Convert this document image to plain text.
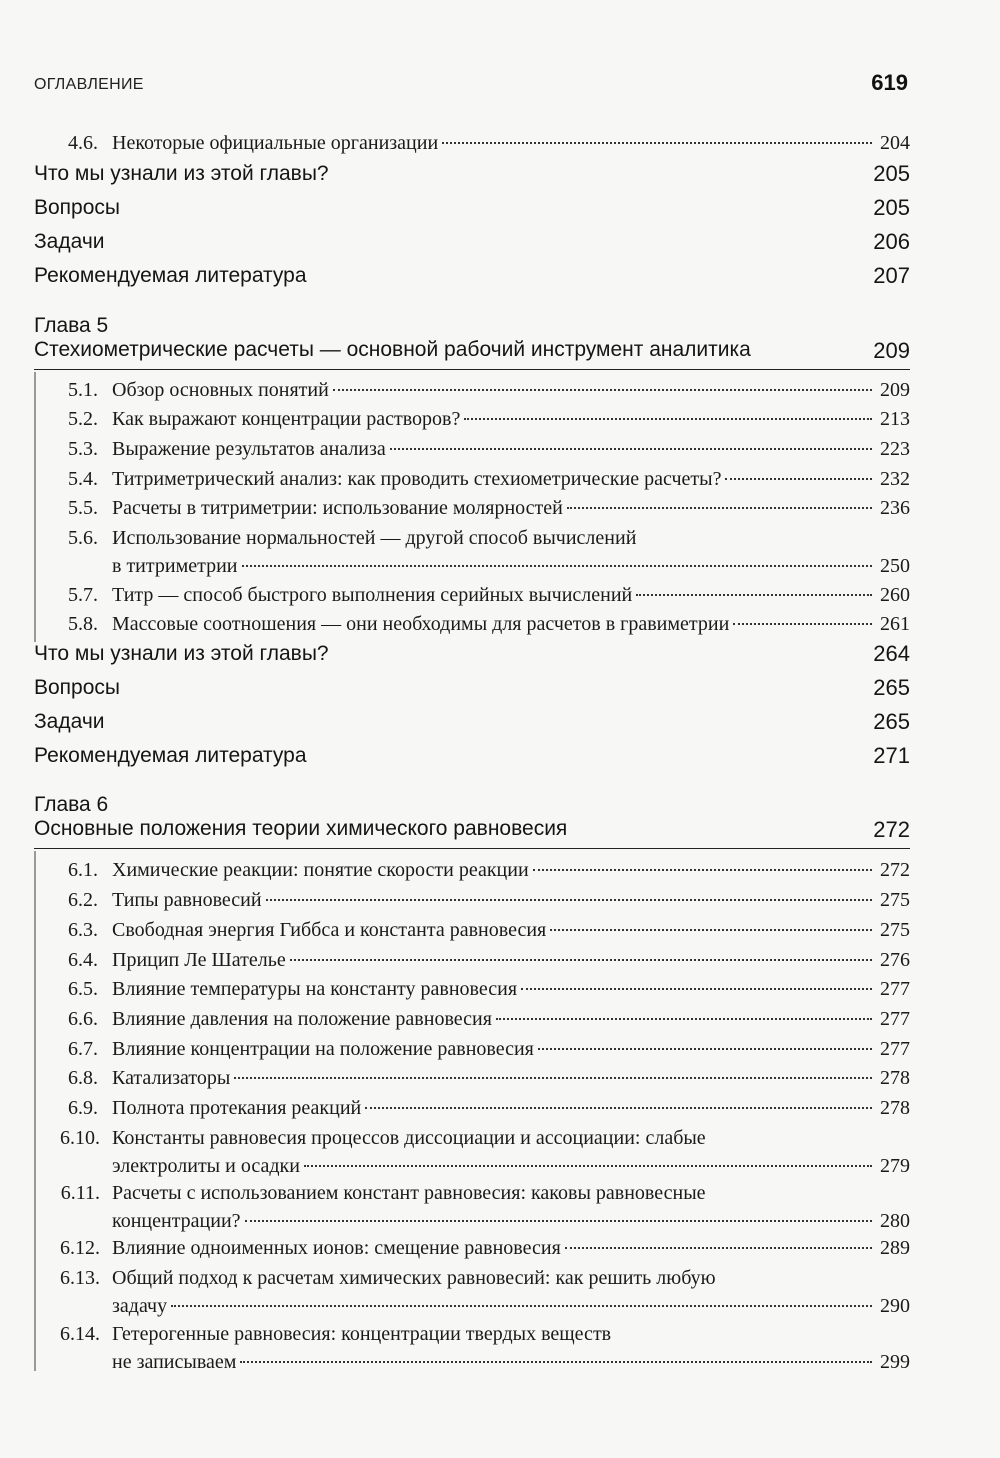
ОГЛАВЛЕНИЕ	619
4.6. Некоторые официальные организации	204
Что мы узнали из этой главы?	205
Вопросы	205
Задачи	206
Рекомендуемая литература	207
Глава 5
Стехиометрические расчеты — основной рабочий инструмент аналитика	209
5.1. Обзор основных понятий	209
5.2. Как выражают концентрации растворов?	213
5.3. Выражение результатов анализа	223
5.4. Титриметрический анализ: как проводить стехиометрические расчеты?	232
5.5. Расчеты в титриметрии: использование молярностей	236
5.6. Использование нормальностей — другой способ вычислений
в титриметрии	250
5.7. Титр — способ быстрого выполнения серийных вычислений	260
5.8. Массовые соотношения — они необходимы для расчетов в гравиметрии	261
Что мы узнали из этой главы?	264
Вопросы	265
Задачи	265
Рекомендуемая литература	271
Глава 6
Основные положения теории химического равновесия	272
6.1. Химические реакции: понятие скорости реакции	272
6.2. Типы равновесий	275
6.3. Свободная энергия Гиббса и константа равновесия	275
6.4. Прицип Ле Шателье	276
6.5. Влияние температуры на константу равновесия	277
6.6. Влияние давления на положение равновесия	277
6.7. Влияние концентрации на положение равновесия	277
6.8. Катализаторы	278
6.9. Полнота протекания реакций	278
6.10. Константы равновесия процессов диссоциации и ассоциации: слабые
электролиты и осадки	279
6.11. Расчеты с использованием констант равновесия: каковы равновесные
концентрации?	280
6.12. Влияние одноименных ионов: смещение равновесия	289
6.13. Общий подход к расчетам химических равновесий: как решить любую
задачу	290
6.14. Гетерогенные равновесия: концентрации твердых веществ
не записываем	299
